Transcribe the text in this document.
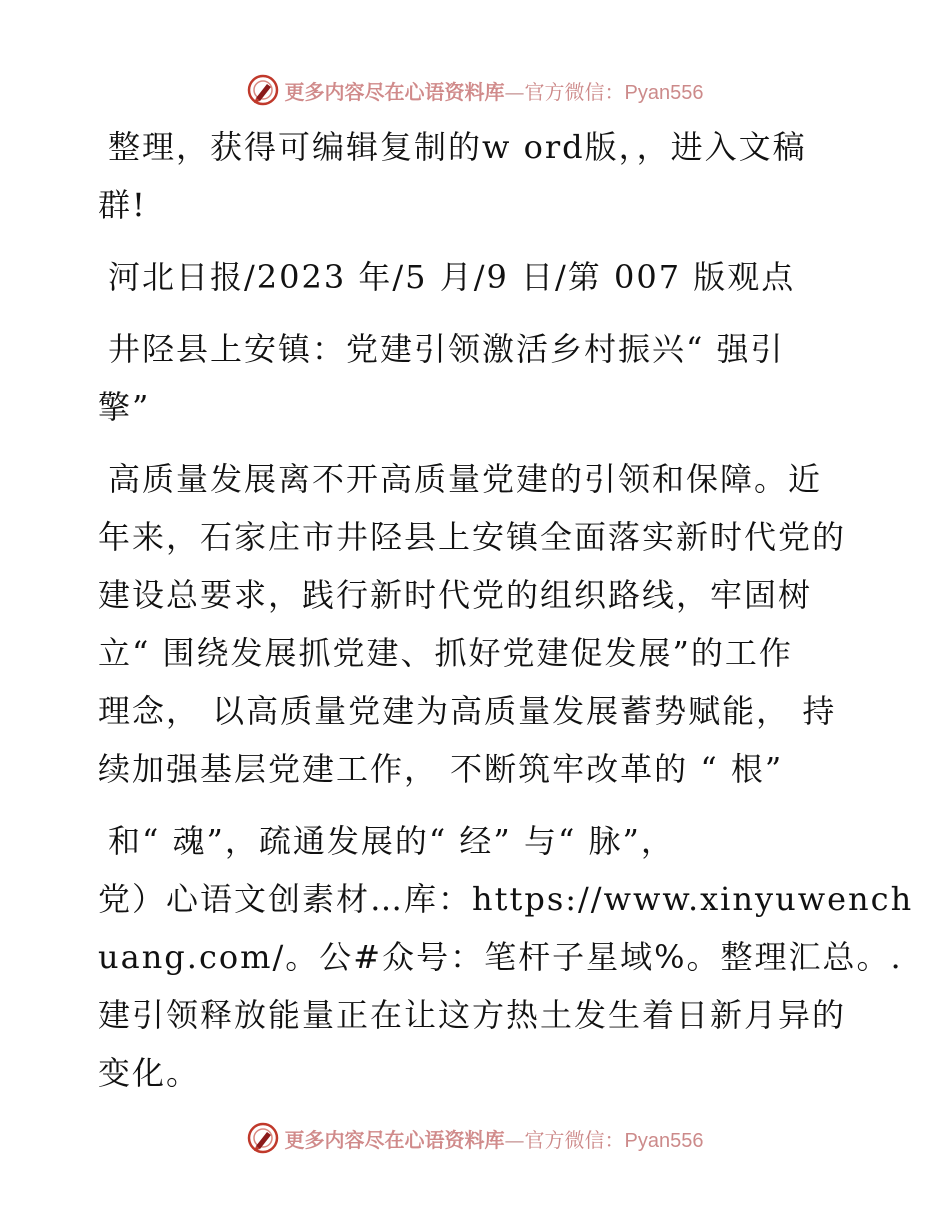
更多内容尽在心语资料库—官方微信：Pyan556
整理，获得可编辑复制的w ord版，，进入文稿
群!
河北日报/2023 年/5 月/9 日/第 007 版观点
井陉县上安镇：党建引领激活乡村振兴“ 强引
擎”
高质量发展离不开高质量党建的引领和保障。近
年来，石家庄市井陉县上安镇全面落实新时代党的
建设总要求，践行新时代党的组织路线，牢固树
立“ 围绕发展抓党建、抓好党建促发展”的工作
理念， 以高质量党建为高质量发展蓄势赋能， 持
续加强基层党建工作， 不断筑牢改革的 “ 根”
和“ 魂”，疏通发展的“ 经” 与“ 脉”，
党）心语文创素材…库：https://www.xinyuwench
uang.com/。公#众号：笔杆子星域%。整理汇总。.
建引领释放能量正在让这方热土发生着日新月异的
变化。
更多内容尽在心语资料库—官方微信：Pyan556
